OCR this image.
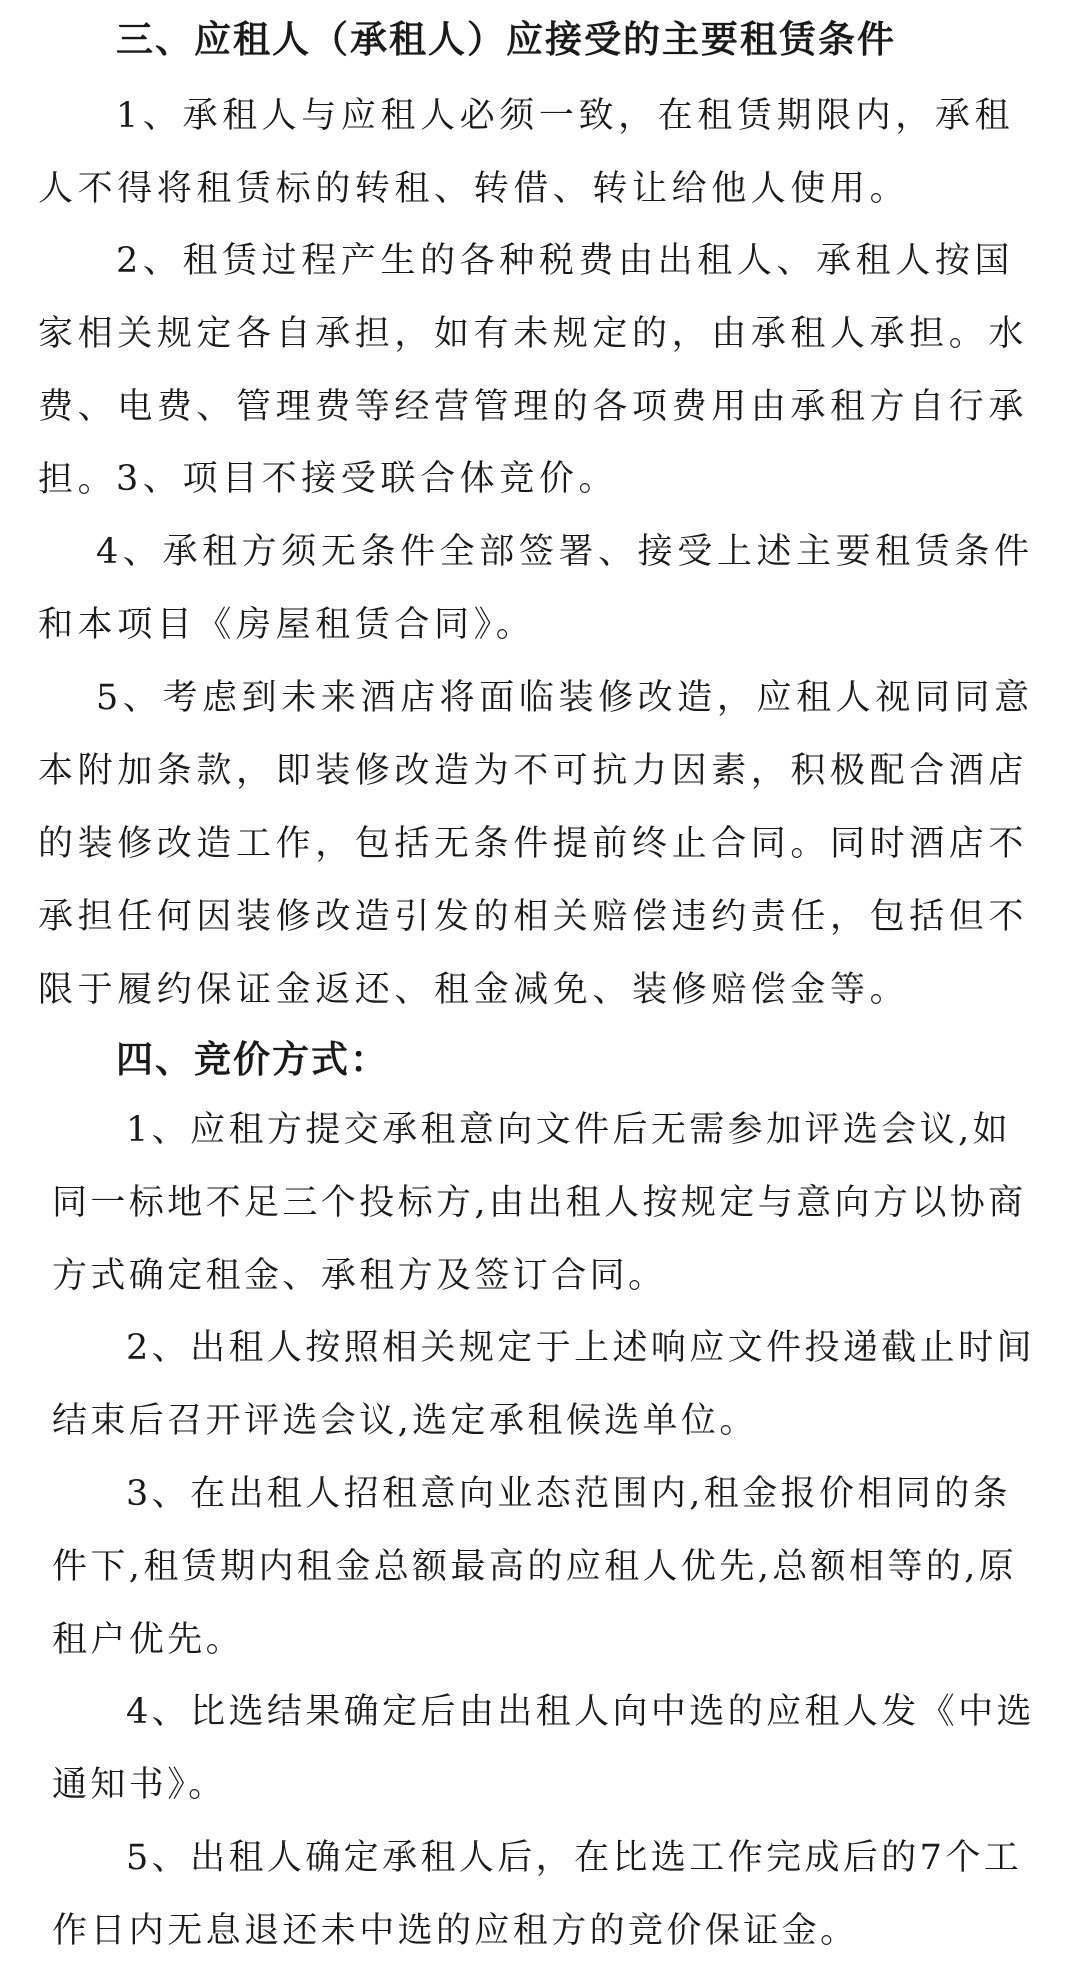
三、应租人（承租人）应接受的主要租赁条件

1、承租人与应租人必须一致，在租赁期限内，承租人不得将租赁标的转租、转借、转让给他人使用。

2、租赁过程产生的各种税费由出租人、承租人按国家相关规定各自承担，如有未规定的，由承租人承担。水费、电费、管理费等经营管理的各项费用由承租方自行承担。

3、项目不接受联合体竞价。

4、承租方须无条件全部签署、接受上述主要租赁条件和本项目《房屋租赁合同》。

5、考虑到未来酒店将面临装修改造，应租人视同同意本附加条款，即装修改造为不可抗力因素，积极配合酒店的装修改造工作，包括无条件提前终止合同。同时酒店不承担任何因装修改造引发的相关赔偿违约责任，包括但不限于履约保证金返还、租金减免、装修赔偿金等。

四、竞价方式：

1、应租方提交承租意向文件后无需参加评选会议,如同一标地不足三个投标方,由出租人按规定与意向方以协商方式确定租金、承租方及签订合同。

2、出租人按照相关规定于上述响应文件投递截止时间结束后召开评选会议,选定承租候选单位。

3、在出租人招租意向业态范围内,租金报价相同的条件下,租赁期内租金总额最高的应租人优先,总额相等的,原租户优先。

4、比选结果确定后由出租人向中选的应租人发《中选通知书》。

5、出租人确定承租人后，在比选工作完成后的7个工作日内无息退还未中选的应租方的竞价保证金。
